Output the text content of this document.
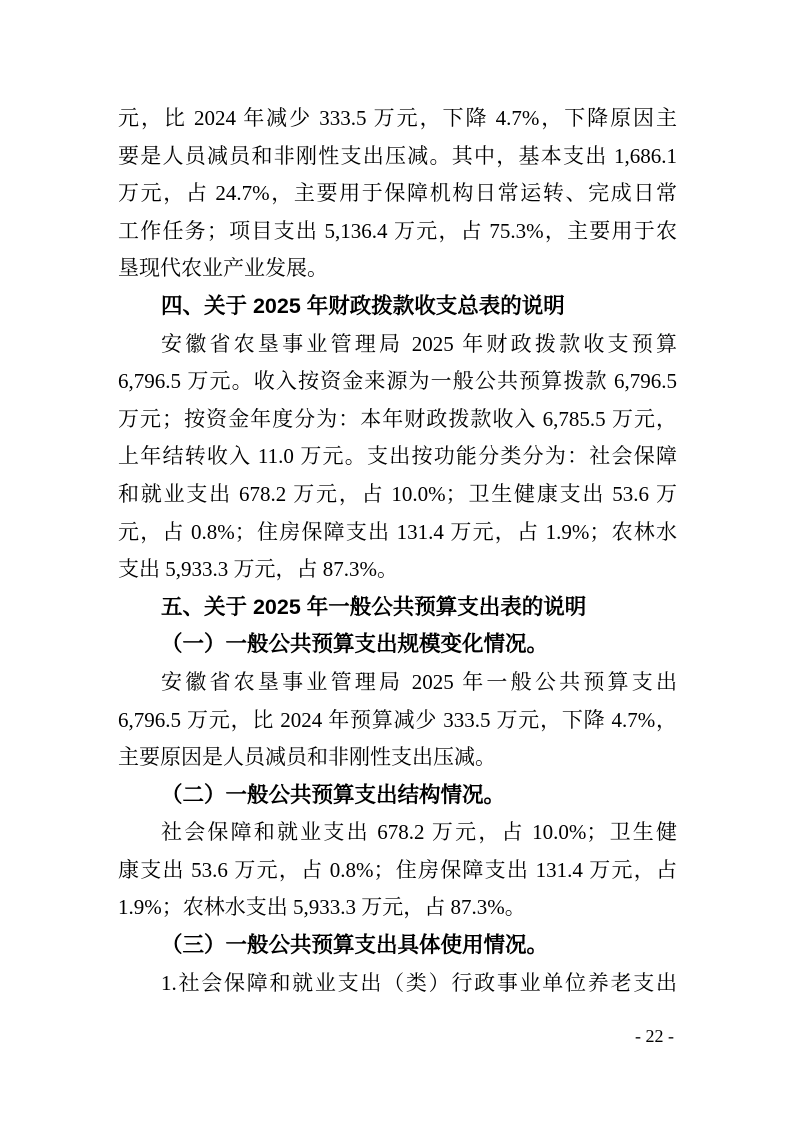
元，比 2024 年减少 333.5 万元，下降 4.7%，下降原因主
要是人员减员和非刚性支出压减。其中，基本支出 1,686.1
万元，占 24.7%，主要用于保障机构日常运转、完成日常
工作任务；项目支出 5,136.4 万元，占 75.3%，主要用于农
垦现代农业产业发展。
四、关于 2025 年财政拨款收支总表的说明
安徽省农垦事业管理局 2025 年财政拨款收支预算
6,796.5 万元。收入按资金来源为一般公共预算拨款 6,796.5
万元；按资金年度分为：本年财政拨款收入 6,785.5 万元，
上年结转收入 11.0 万元。支出按功能分类分为：社会保障
和就业支出 678.2 万元，占 10.0%；卫生健康支出 53.6 万
元，占 0.8%；住房保障支出 131.4 万元，占 1.9%；农林水
支出 5,933.3 万元，占 87.3%。
五、关于 2025 年一般公共预算支出表的说明
（一）一般公共预算支出规模变化情况。
安徽省农垦事业管理局 2025 年一般公共预算支出
6,796.5 万元，比 2024 年预算减少 333.5 万元，下降 4.7%，
主要原因是人员减员和非刚性支出压减。
（二）一般公共预算支出结构情况。
社会保障和就业支出 678.2 万元，占 10.0%；卫生健
康支出 53.6 万元，占 0.8%；住房保障支出 131.4 万元，占
1.9%；农林水支出 5,933.3 万元，占 87.3%。
（三）一般公共预算支出具体使用情况。
1.社会保障和就业支出（类）行政事业单位养老支出
- 22 -
